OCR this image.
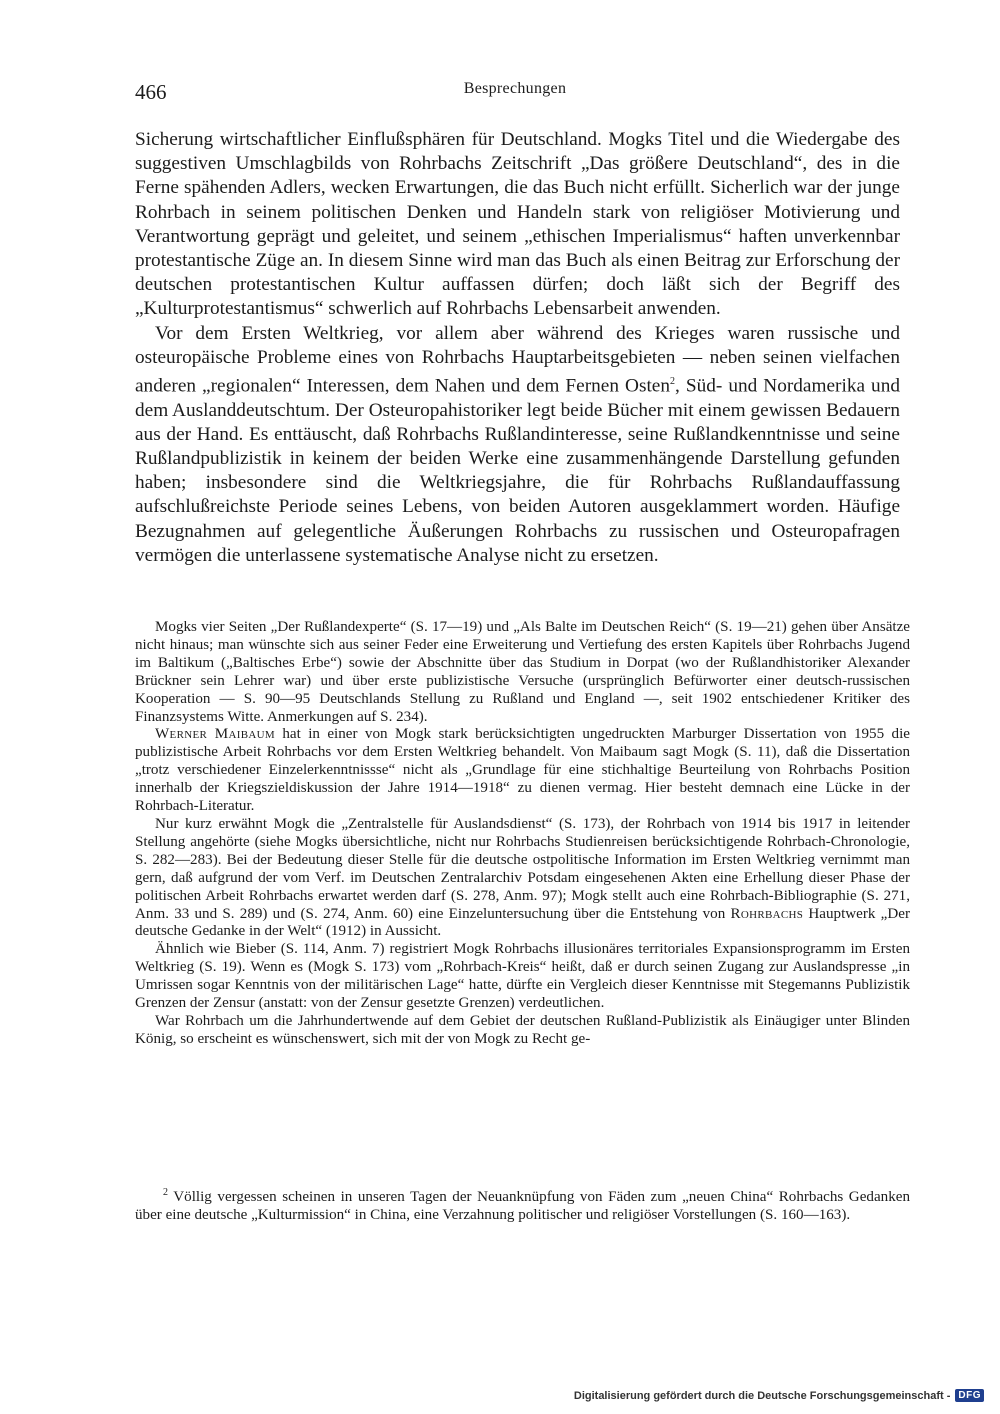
466	Besprechungen

Sicherung wirtschaftlicher Einflußsphären für Deutschland. Mogks Titel und die Wiedergabe des suggestiven Umschlagbilds von Rohrbachs Zeitschrift „Das größere Deutschland“, des in die Ferne spähenden Adlers, wecken Erwartungen, die das Buch nicht erfüllt. Sicherlich war der junge Rohrbach in seinem politischen Denken und Handeln stark von religiöser Motivierung und Verantwortung geprägt und geleitet, und seinem „ethischen Imperialismus“ haften unverkennbar protestantische Züge an. In diesem Sinne wird man das Buch als einen Beitrag zur Erforschung der deutschen protestantischen Kultur auffassen dürfen; doch läßt sich der Begriff des „Kulturprotestantismus“ schwerlich auf Rohrbachs Lebensarbeit anwenden.

Vor dem Ersten Weltkrieg, vor allem aber während des Krieges waren russische und osteuropäische Probleme eines von Rohrbachs Hauptarbeitsgebieten — neben seinen vielfachen anderen „regionalen“ Interessen, dem Nahen und dem Fernen Osten$^2$, Süd- und Nordamerika und dem Auslanddeutschtum. Der Osteuropahistoriker legt beide Bücher mit einem gewissen Bedauern aus der Hand. Es enttäuscht, daß Rohrbachs Rußlandinteresse, seine Rußlandkenntnisse und seine Rußlandpublizistik in keinem der beiden Werke eine zusammenhängende Darstellung gefunden haben; insbesondere sind die Weltkriegsjahre, die für Rohrbachs Rußlandauffassung aufschlußreichste Periode seines Lebens, von beiden Autoren ausgeklammert worden. Häufige Bezugnahmen auf gelegentliche Äußerungen Rohrbachs zu russischen und Osteuropafragen vermögen die unterlassene systematische Analyse nicht zu ersetzen.

Mogks vier Seiten „Der Rußlandexperte“ (S. 17—19) und „Als Balte im Deutschen Reich“ (S. 19—21) gehen über Ansätze nicht hinaus; man wünschte sich aus seiner Feder eine Erweiterung und Vertiefung des ersten Kapitels über Rohrbachs Jugend im Baltikum („Baltisches Erbe“) sowie der Abschnitte über das Studium in Dorpat (wo der Rußlandhistoriker Alexander Brückner sein Lehrer war) und über erste publizistische Versuche (ursprünglich Befürworter einer deutsch-russischen Kooperation — S. 90—95 Deutschlands Stellung zu Rußland und England —, seit 1902 entschiedener Kritiker des Finanzsystems Witte. Anmerkungen auf S. 234).

Werner Maibaum hat in einer von Mogk stark berücksichtigten ungedruckten Marburger Dissertation von 1955 die publizistische Arbeit Rohrbachs vor dem Ersten Weltkrieg behandelt. Von Maibaum sagt Mogk (S. 11), daß die Dissertation „trotz verschiedener Einzelerkenntnissse“ nicht als „Grundlage für eine stichhaltige Beurteilung von Rohrbachs Position innerhalb der Kriegszieldiskussion der Jahre 1914—1918“ zu dienen vermag. Hier besteht demnach eine Lücke in der Rohrbach-Literatur.

Nur kurz erwähnt Mogk die „Zentralstelle für Auslandsdienst“ (S. 173), der Rohrbach von 1914 bis 1917 in leitender Stellung angehörte (siehe Mogks übersichtliche, nicht nur Rohrbachs Studienreisen berücksichtigende Rohrbach-Chronologie, S. 282—283). Bei der Bedeutung dieser Stelle für die deutsche ostpolitische Information im Ersten Weltkrieg vernimmt man gern, daß aufgrund der vom Verf. im Deutschen Zentralarchiv Potsdam eingesehenen Akten eine Erhellung dieser Phase der politischen Arbeit Rohrbachs erwartet werden darf (S. 278, Anm. 97); Mogk stellt auch eine Rohrbach-Bibliographie (S. 271, Anm. 33 und S. 289) und (S. 274, Anm. 60) eine Einzeluntersuchung über die Entstehung von Rohrbachs Hauptwerk „Der deutsche Gedanke in der Welt“ (1912) in Aussicht.

Ähnlich wie Bieber (S. 114, Anm. 7) registriert Mogk Rohrbachs illusionäres territoriales Expansionsprogramm im Ersten Weltkrieg (S. 19). Wenn es (Mogk S. 173) vom „Rohrbach-Kreis“ heißt, daß er durch seinen Zugang zur Auslandspresse „in Umrissen sogar Kenntnis von der militärischen Lage“ hatte, dürfte ein Vergleich dieser Kenntnisse mit Stegemanns Publizistik Grenzen der Zensur (anstatt: von der Zensur gesetzte Grenzen) verdeutlichen.

War Rohrbach um die Jahrhundertwende auf dem Gebiet der deutschen Rußland-Publizistik als Einäugiger unter Blinden König, so erscheint es wünschenswert, sich mit der von Mogk zu Recht ge-

$^2$ Völlig vergessen scheinen in unseren Tagen der Neuanknüpfung von Fäden zum „neuen China“ Rohrbachs Gedanken über eine deutsche „Kulturmission“ in China, eine Verzahnung politischer und religiöser Vorstellungen (S. 160—163).

Digitalisierung gefördert durch die Deutsche Forschungsgemeinschaft - DFG
